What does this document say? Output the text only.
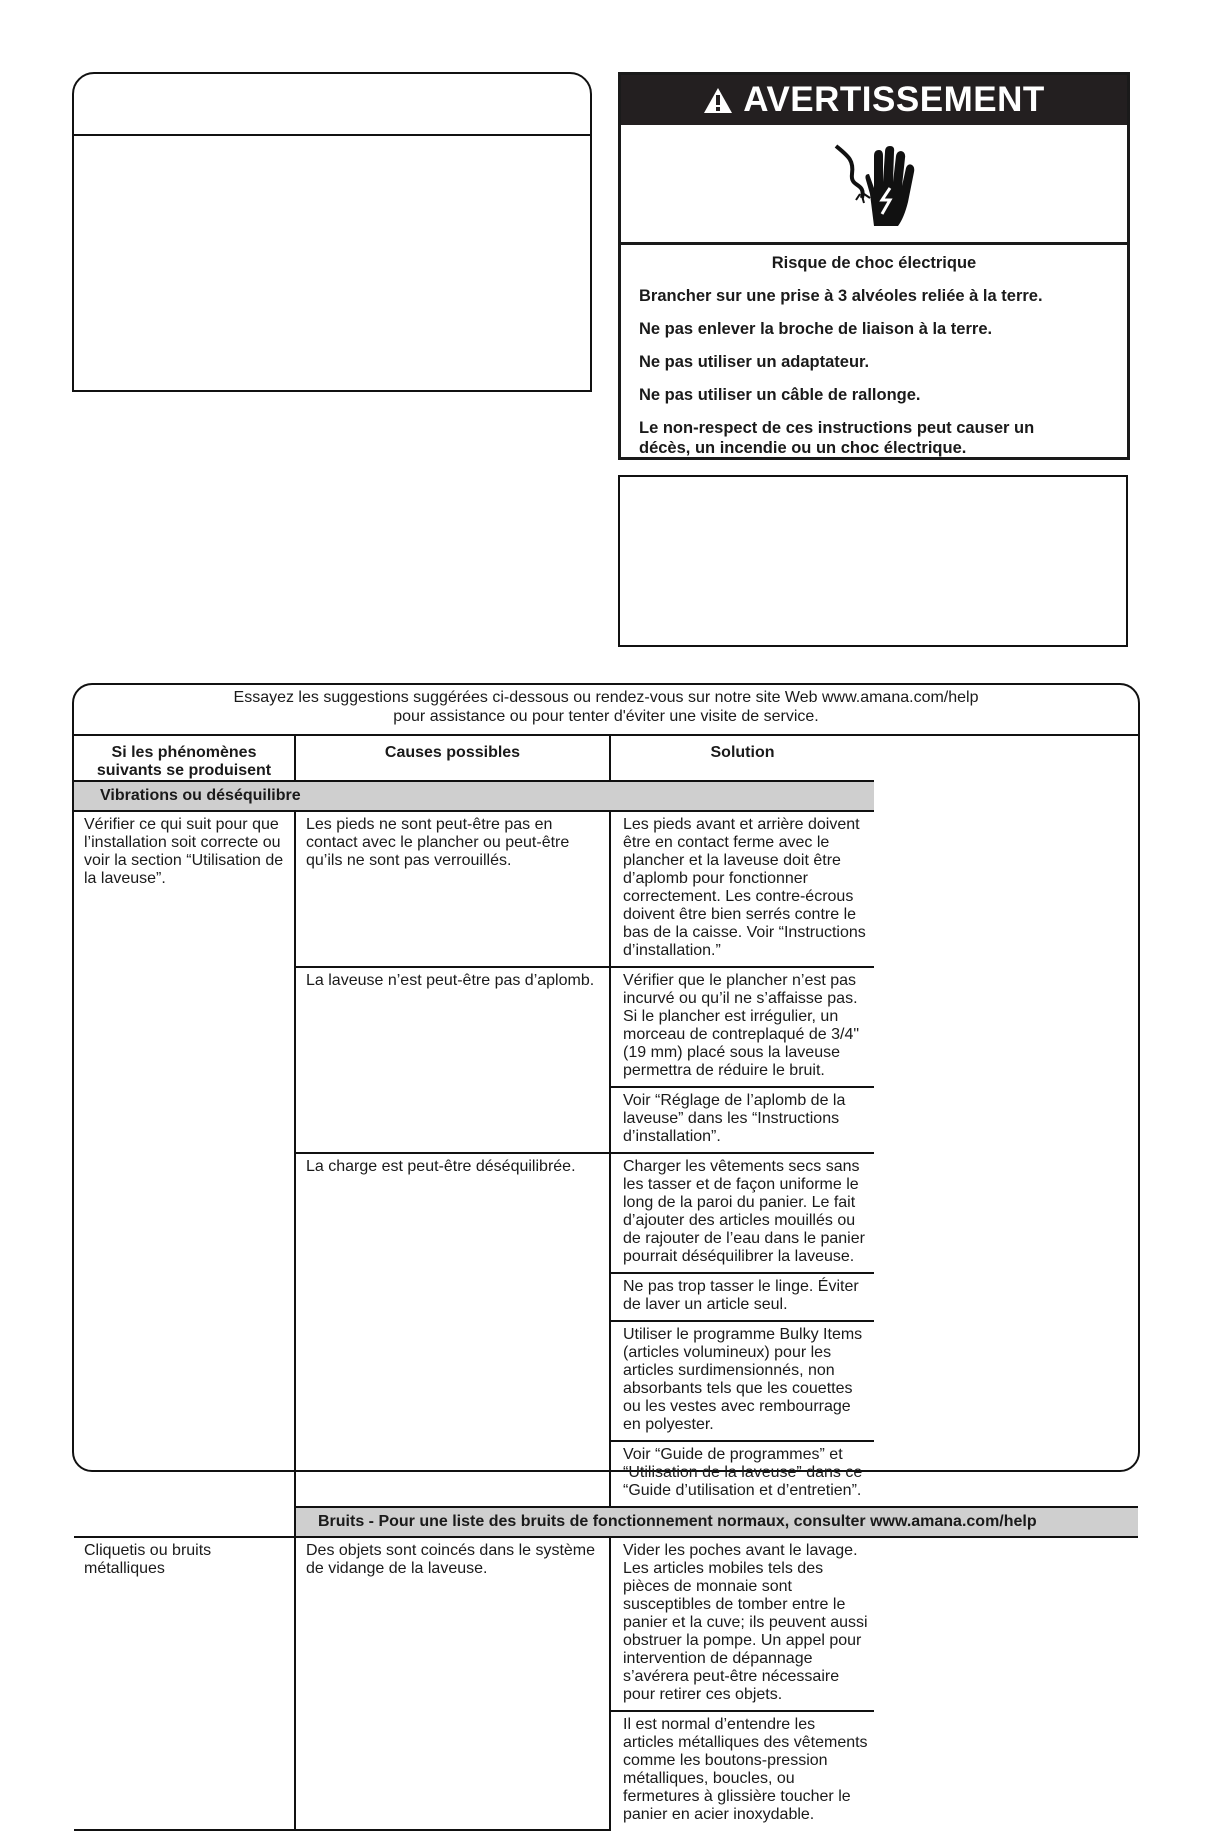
AVERTISSEMENT

Risque de choc électrique

Brancher sur une prise à 3 alvéoles reliée à la terre.

Ne pas enlever la broche de liaison à la terre.

Ne pas utiliser un adaptateur.

Ne pas utiliser un câble de rallonge.

Le non-respect de ces instructions peut causer un décès, un incendie ou un choc électrique.

Essayez les suggestions suggérées ci-dessous ou rendez-vous sur notre site Web www.amana.com/help
pour assistance ou pour tenter d'éviter une visite de service.
Si les phénomènes suivants se produisent	Causes possibles	Solution
Vibrations ou déséquilibre		
Vérifier ce qui suit pour que l’installation soit correcte ou voir la section “Utilisation de la laveuse”.	Les pieds ne sont peut-être pas en contact avec le plancher ou peut-être qu’ils ne sont pas verrouillés.	Les pieds avant et arrière doivent être en contact ferme avec le plancher et la laveuse doit être d’aplomb pour fonctionner correctement. Les contre-écrous doivent être bien serrés contre le bas de la caisse. Voir “Instructions d’installation.”
	La laveuse n’est peut-être pas d’aplomb.	Vérifier que le plancher n’est pas incurvé ou qu’il ne s’affaisse pas. Si le plancher est irrégulier, un morceau de contreplaqué de 3/4" (19 mm) placé sous la laveuse permettra de réduire le bruit.
		Voir “Réglage de l’aplomb de la laveuse” dans les “Instructions d’installation”.
	La charge est peut-être déséquilibrée.	Charger les vêtements secs sans les tasser et de façon uniforme le long de la paroi du panier. Le fait d’ajouter des articles mouillés ou de rajouter de l’eau dans le panier pourrait déséquilibrer la laveuse.
		Ne pas trop tasser le linge. Éviter de laver un article seul.
		Utiliser le programme Bulky Items (articles volumineux) pour les articles surdimensionnés, non absorbants tels que les couettes ou les vestes avec rembourrage en polyester.
		Voir “Guide de programmes” et “Utilisation de la laveuse” dans ce “Guide d’utilisation et d’entretien”.
	Bruits - Pour une liste des bruits de fonctionnement normaux, consulter www.amana.com/help	
Cliquetis ou bruits métalliques	Des objets sont coincés dans le système de vidange de la laveuse.	Vider les poches avant le lavage. Les articles mobiles tels des pièces de monnaie sont susceptibles de tomber entre le panier et la cuve; ils peuvent aussi obstruer la pompe. Un appel pour intervention de dépannage s’avérera peut-être nécessaire pour retirer ces objets.
		Il est normal d’entendre les articles métalliques des vêtements comme les boutons-pression métalliques, boucles, ou fermetures à glissière toucher le panier en acier inoxydable.
